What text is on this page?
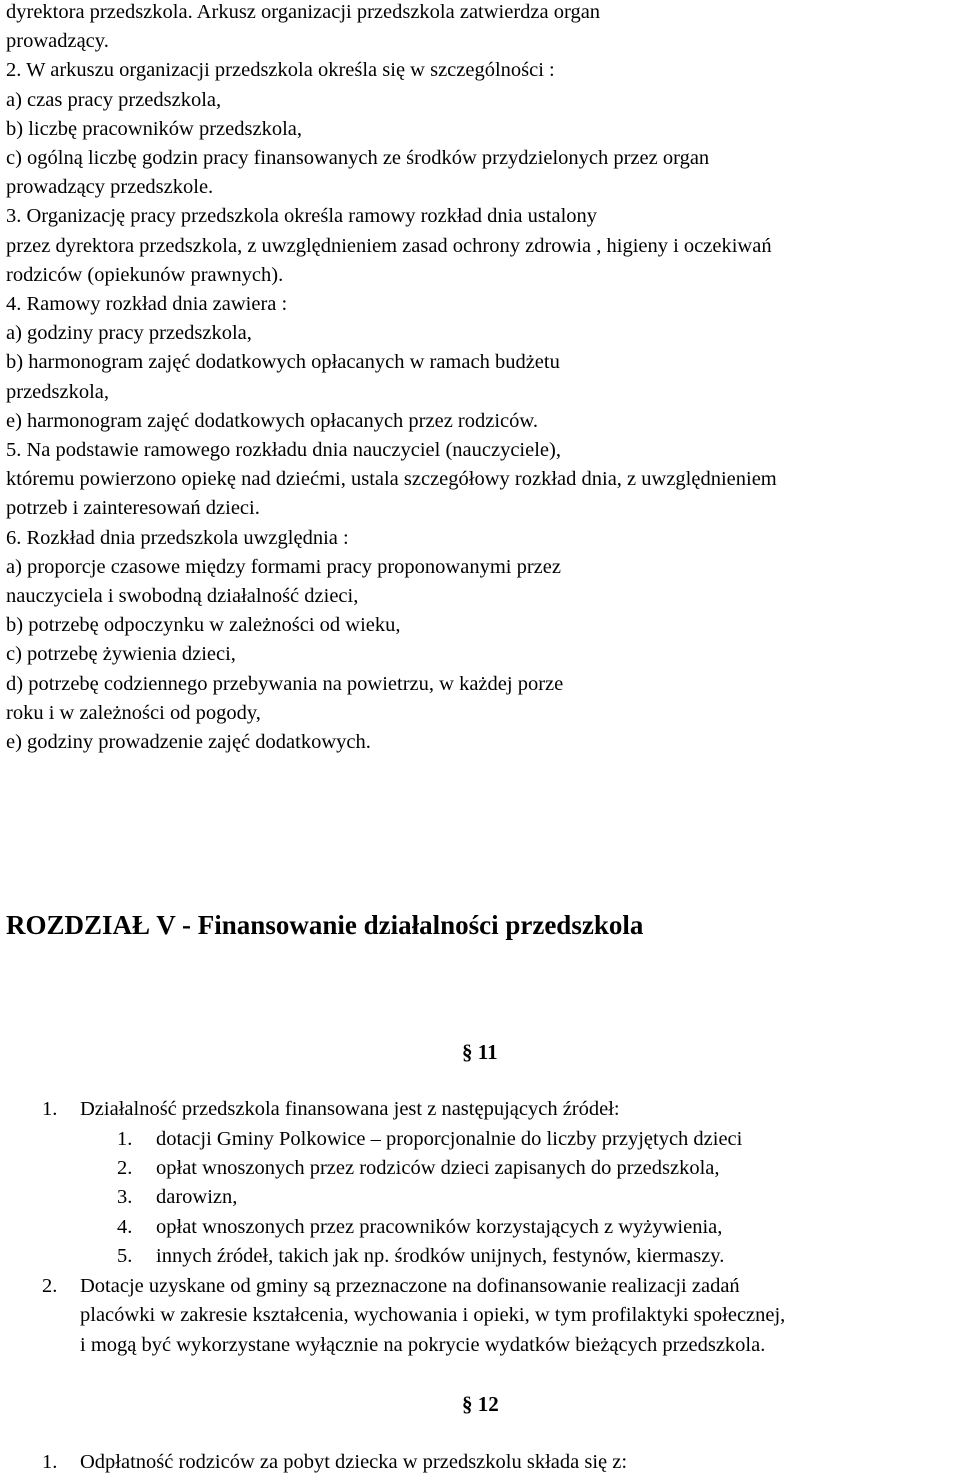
dyrektora przedszkola. Arkusz organizacji przedszkola zatwierdza organ
prowadzący.
2. W arkuszu organizacji przedszkola określa się w szczególności :
a) czas pracy przedszkola,
b) liczbę pracowników przedszkola,
c) ogólną liczbę godzin pracy finansowanych ze środków przydzielonych przez organ
prowadzący przedszkole.
3. Organizację pracy przedszkola określa ramowy rozkład dnia ustalony
przez dyrektora przedszkola, z uwzględnieniem zasad ochrony zdrowia , higieny i oczekiwań
rodziców (opiekunów prawnych).
4. Ramowy rozkład dnia zawiera :
a) godziny pracy przedszkola,
b) harmonogram zajęć dodatkowych opłacanych w ramach budżetu
przedszkola,
e) harmonogram zajęć dodatkowych opłacanych przez rodziców.
5. Na podstawie ramowego rozkładu dnia nauczyciel (nauczyciele),
któremu powierzono opiekę nad dziećmi, ustala szczegółowy rozkład dnia, z uwzględnieniem
potrzeb i zainteresowań dzieci.
6. Rozkład dnia przedszkola uwzględnia :
a) proporcje czasowe między formami pracy proponowanymi przez
nauczyciela i swobodną działalność dzieci,
b) potrzebę odpoczynku w zależności od wieku,
c) potrzebę żywienia dzieci,
d) potrzebę codziennego przebywania na powietrzu, w każdej porze
roku i w zależności od pogody,
e) godziny prowadzenie zajęć dodatkowych.
ROZDZIAŁ V - Finansowanie działalności przedszkola
§ 11
1. Działalność przedszkola finansowana jest z następujących źródeł:
1. dotacji Gminy Polkowice – proporcjonalnie do liczby przyjętych dzieci
2. opłat wnoszonych przez rodziców dzieci zapisanych do przedszkola,
3. darowizn,
4. opłat wnoszonych przez pracowników korzystających z wyżywienia,
5. innych źródeł, takich jak np. środków unijnych, festynów, kiermaszy.
2. Dotacje uzyskane od gminy są przeznaczone na dofinansowanie realizacji zadań
placówki w zakresie kształcenia, wychowania i opieki, w tym profilaktyki społecznej,
i mogą być wykorzystane wyłącznie na pokrycie wydatków bieżących przedszkola.
§ 12
1. Odpłatność rodziców za pobyt dziecka w przedszkolu składa się z:
